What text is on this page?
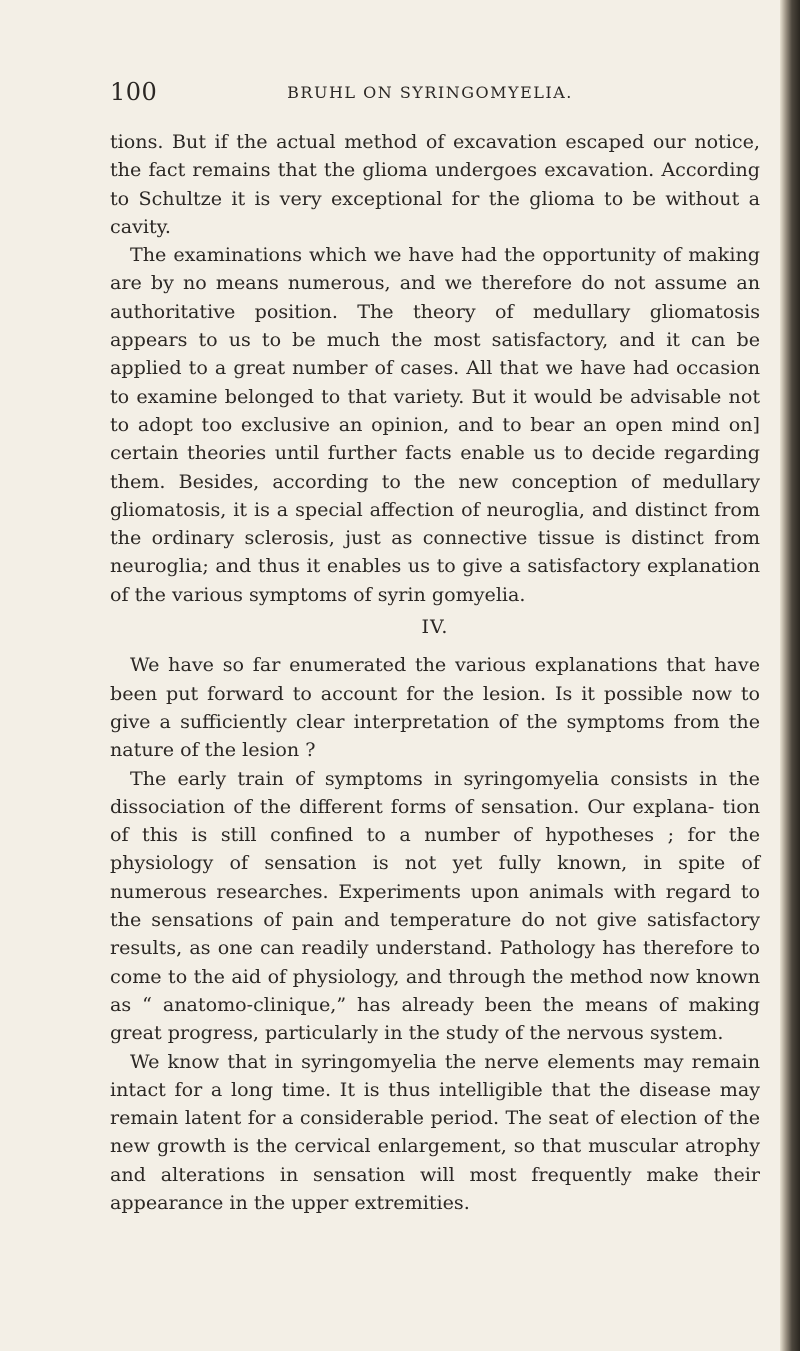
100	BRUHL ON SYRINGOMYELIA.

tions. But if the actual method of excavation escaped our notice, the fact remains that the glioma undergoes excavation. According to Schultze it is very exceptional for the glioma to be without a cavity.

The examinations which we have had the opportunity of making are by no means numerous, and we therefore do not assume an authoritative position. The theory of medullary gliomatosis appears to us to be much the most satisfactory, and it can be applied to a great number of cases. All that we have had occasion to examine belonged to that variety. But it would be advisable not to adopt too exclusive an opinion, and to bear an open mind on] certain theories until further facts enable us to decide regarding them. Besides, according to the new conception of medullary gliomatosis, it is a special affection of neuroglia, and distinct from the ordinary sclerosis, just as connective tissue is distinct from neuroglia; and thus it enables us to give a satisfactory explanation of the various symptoms of syrin gomyelia.

IV.

We have so far enumerated the various explanations that have been put forward to account for the lesion. Is it possible now to give a sufficiently clear interpretation of the symptoms from the nature of the lesion ?

The early train of symptoms in syringomyelia consists in the dissociation of the different forms of sensation. Our explana- tion of this is still confined to a number of hypotheses ; for the physiology of sensation is not yet fully known, in spite of numerous researches. Experiments upon animals with regard to the sensations of pain and temperature do not give satisfactory results, as one can readily understand. Pathology has therefore to come to the aid of physiology, and through the method now known as “ anatomo-clinique,” has already been the means of making great progress, particularly in the study of the nervous system.

We know that in syringomyelia the nerve elements may remain intact for a long time. It is thus intelligible that the disease may remain latent for a considerable period. The seat of election of the new growth is the cervical enlargement, so that muscular atrophy and alterations in sensation will most frequently make their appearance in the upper extremities.
